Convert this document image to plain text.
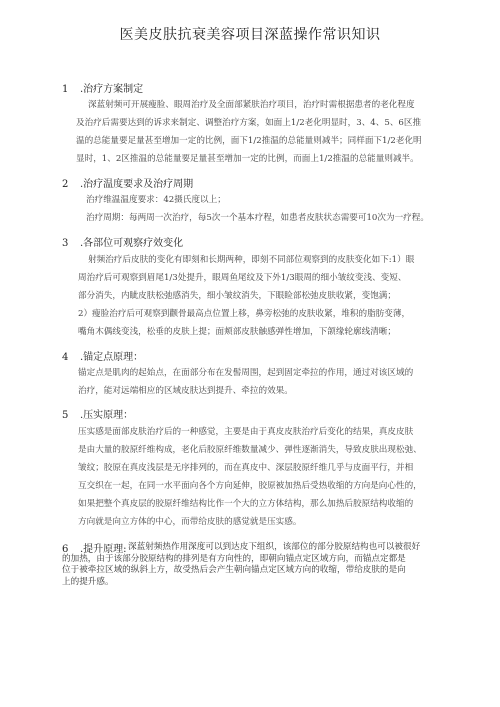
医美皮肤抗衰美容项目深蓝操作常识知识
1 .治疗方案制定
深蓝射频可开展瘦脸、眼周治疗及全面部紧肤治疗项目，治疗时需根据患者的老化程度
及治疗后需要达到的诉求来制定、调整治疗方案，如面上1/2老化明显时，3、4、5、6区推
温的总能量要足量甚至增加一定的比例，面下1/2推温的总能量则减半；同样面下1/2老化明
显时，1、2区推温的总能量要足量甚至增加一定的比例，而面上1/2推温的总能量则减半。
2 .治疗温度要求及治疗周期
治疗维温温度要求：42摄氏度以上；
治疗周期：每两周一次治疗，每5次一个基本疗程，如患者皮肤状态需要可10次为一疗程。
3 .各部位可观察疗效变化
射频治疗后皮肤的变化有即刻和长期两种，即刻不同部位观察到的皮肤变化如下:1）眼
周治疗后可观察到眉尾1/3处提升，眼周鱼尾纹及下外1/3眼周的细小皱纹变浅、变短、
部分消失，内眦皮肤松弛感消失，细小皱纹消失，下眼睑部松弛皮肤收紧，变饱满；
2）瘦脸治疗后可观察到颧骨最高点位置上移，鼻旁松弛的皮肤收紧，堆积的脂肪变薄，
嘴角木偶线变浅，松垂的皮肤上提；面颊部皮肤触感弹性增加，下颌缘轮廓线清晰；
4 .锚定点原理：
锚定点是肌肉的起始点，在面部分布在发髻周围，起到固定牵拉的作用，通过对该区域的
治疗，能对远端相应的区域皮肤达到提升、牵拉的效果。
5 .压实原理：
压实感是面部皮肤治疗后的一种感觉，主要是由于真皮皮肤治疗后变化的结果，真皮皮肤
是由大量的胶原纤维构成，老化后胶原纤维数量减少、弹性逐渐消失，导致皮肤出现松弛、
皱纹；胶原在真皮浅层是无序排列的，而在真皮中、深层胶原纤维几乎与皮面平行，并相
互交织在一起，在同一水平面向各个方向延伸，胶原被加热后受热收缩的方向是向心性的，
如果把整个真皮层的胶原纤维结构比作一个大的立方体结构，那么加热后胶原结构收缩的
方向就是向立方体的中心，而带给皮肤的感觉就是压实感。
6 .提升原理: 深蓝射频热作用深度可以到达皮下组织，该部位的部分胶原结构也可以被很好
的加热，由于该部分胶原结构的排列是有方向性的，即朝向锚点定区域方向，而锚点定都是
位于被牵拉区域的纵斜上方，故受热后会产生朝向锚点定区域方向的收缩，带给皮肤的是向
上的提升感。
